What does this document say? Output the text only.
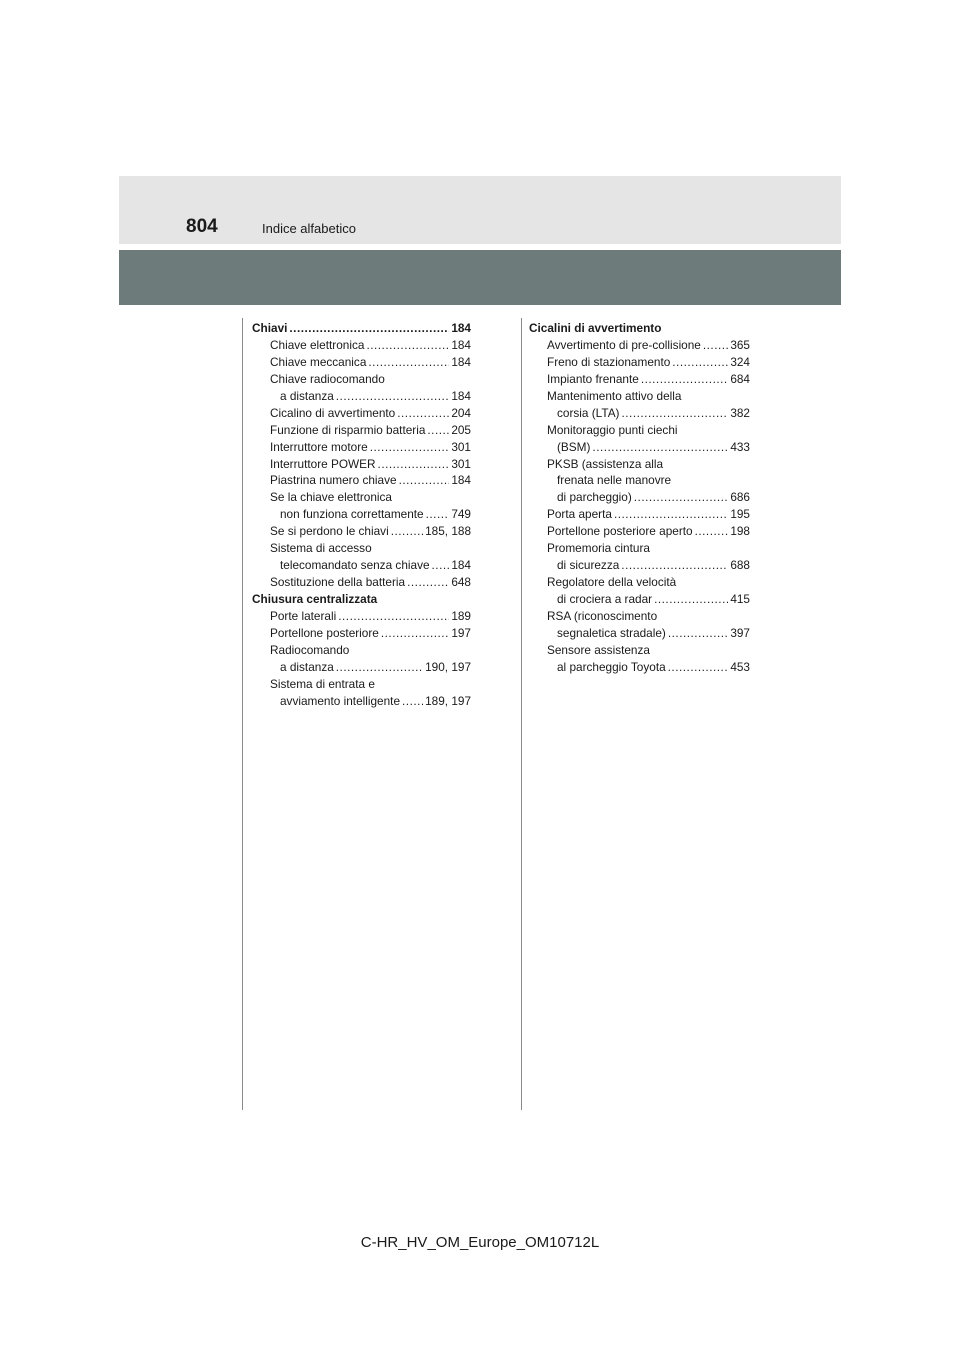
804	Indice alfabetico
Chiavi .....	184
Chiave elettronica .....	184
Chiave meccanica .....	184
Chiave radiocomando
a distanza .....	184
Cicalino di avvertimento .....	204
Funzione di risparmio batteria ..... 205
Interruttore motore .....	301
Interruttore POWER .....	301
Piastrina numero chiave .....	184
Se la chiave elettronica
non funziona correttamente ..... 749
Se si perdono le chiavi .....	185, 188
Sistema di accesso
telecomandato senza chiave ..... 184
Sostituzione della batteria .....	648
Chiusura centralizzata
Porte laterali .....	189
Portellone posteriore .....	197
Radiocomando
a distanza .....	190, 197
Sistema di entrata e
avviamento intelligente ..... 189, 197
Cicalini di avvertimento
Avvertimento di pre-collisione ..... 365
Freno di stazionamento .....	324
Impianto frenante .....	684
Mantenimento attivo della
corsia (LTA) .....	382
Monitoraggio punti ciechi
(BSM) .....	433
PKSB (assistenza alla
frenata nelle manovre
di parcheggio) .....	686
Porta aperta .....	195
Portellone posteriore aperto .....	198
Promemoria cintura
di sicurezza .....	688
Regolatore della velocità
di crociera a radar .....	415
RSA (riconoscimento
segnaletica stradale) .....	397
Sensore assistenza
al parcheggio Toyota .....	453
C-HR_HV_OM_Europe_OM10712L
